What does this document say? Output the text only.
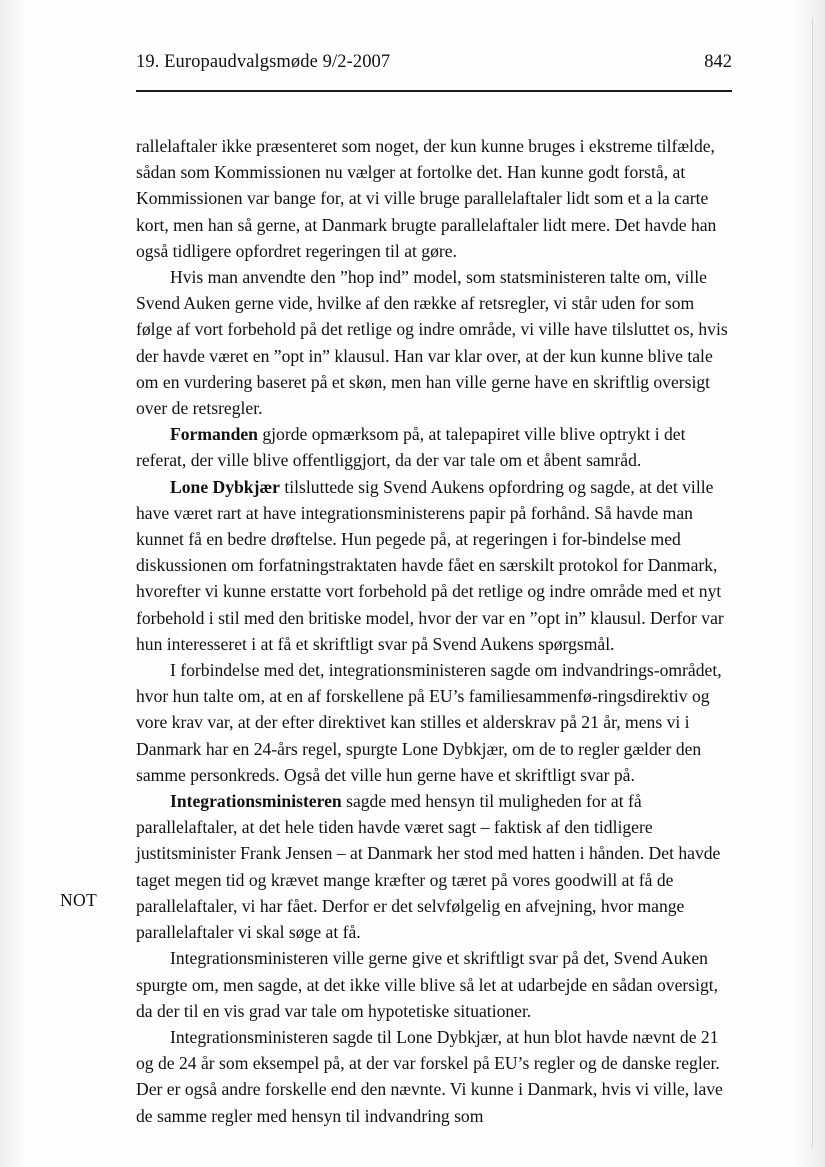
19. Europaudvalgsmøde 9/2-2007	842
NOT

rallelaftaler ikke præsenteret som noget, der kun kunne bruges i ekstreme tilfælde, sådan som Kommissionen nu vælger at fortolke det. Han kunne godt forstå, at Kommissionen var bange for, at vi ville bruge parallelaftaler lidt som et a la carte kort, men han så gerne, at Danmark brugte parallelaftaler lidt mere. Det havde han også tidligere opfordret regeringen til at gøre.

Hvis man anvendte den ”hop ind” model, som statsministeren talte om, ville Svend Auken gerne vide, hvilke af den række af retsregler, vi står uden for som følge af vort forbehold på det retlige og indre område, vi ville have tilsluttet os, hvis der havde været en ”opt in” klausul. Han var klar over, at der kun kunne blive tale om en vurdering baseret på et skøn, men han ville gerne have en skriftlig oversigt over de retsregler.

Formanden gjorde opmærksom på, at talepapiret ville blive optrykt i det referat, der ville blive offentliggjort, da der var tale om et åbent samråd.

Lone Dybkjær tilsluttede sig Svend Aukens opfordring og sagde, at det ville have været rart at have integrationsministerens papir på forhånd. Så havde man kunnet få en bedre drøftelse. Hun pegede på, at regeringen i for-bindelse med diskussionen om forfatningstraktaten havde fået en særskilt protokol for Danmark, hvorefter vi kunne erstatte vort forbehold på det retlige og indre område med et nyt forbehold i stil med den britiske model, hvor der var en ”opt in” klausul. Derfor var hun interesseret i at få et skriftligt svar på Svend Aukens spørgsmål.

I forbindelse med det, integrationsministeren sagde om indvandrings-området, hvor hun talte om, at en af forskellene på EU’s familiesammenfø-ringsdirektiv og vore krav var, at der efter direktivet kan stilles et alderskrav på 21 år, mens vi i Danmark har en 24-års regel, spurgte Lone Dybkjær, om de to regler gælder den samme personkreds. Også det ville hun gerne have et skriftligt svar på.

Integrationsministeren sagde med hensyn til muligheden for at få parallelaftaler, at det hele tiden havde været sagt – faktisk af den tidligere justitsminister Frank Jensen – at Danmark her stod med hatten i hånden. Det havde taget megen tid og krævet mange kræfter og tæret på vores goodwill at få de parallelaftaler, vi har fået. Derfor er det selvfølgelig en afvejning, hvor mange parallelaftaler vi skal søge at få.

Integrationsministeren ville gerne give et skriftligt svar på det, Svend Auken spurgte om, men sagde, at det ikke ville blive så let at udarbejde en sådan oversigt, da der til en vis grad var tale om hypotetiske situationer.

Integrationsministeren sagde til Lone Dybkjær, at hun blot havde nævnt de 21 og de 24 år som eksempel på, at der var forskel på EU’s regler og de danske regler. Der er også andre forskelle end den nævnte. Vi kunne i Danmark, hvis vi ville, lave de samme regler med hensyn til indvandring som
